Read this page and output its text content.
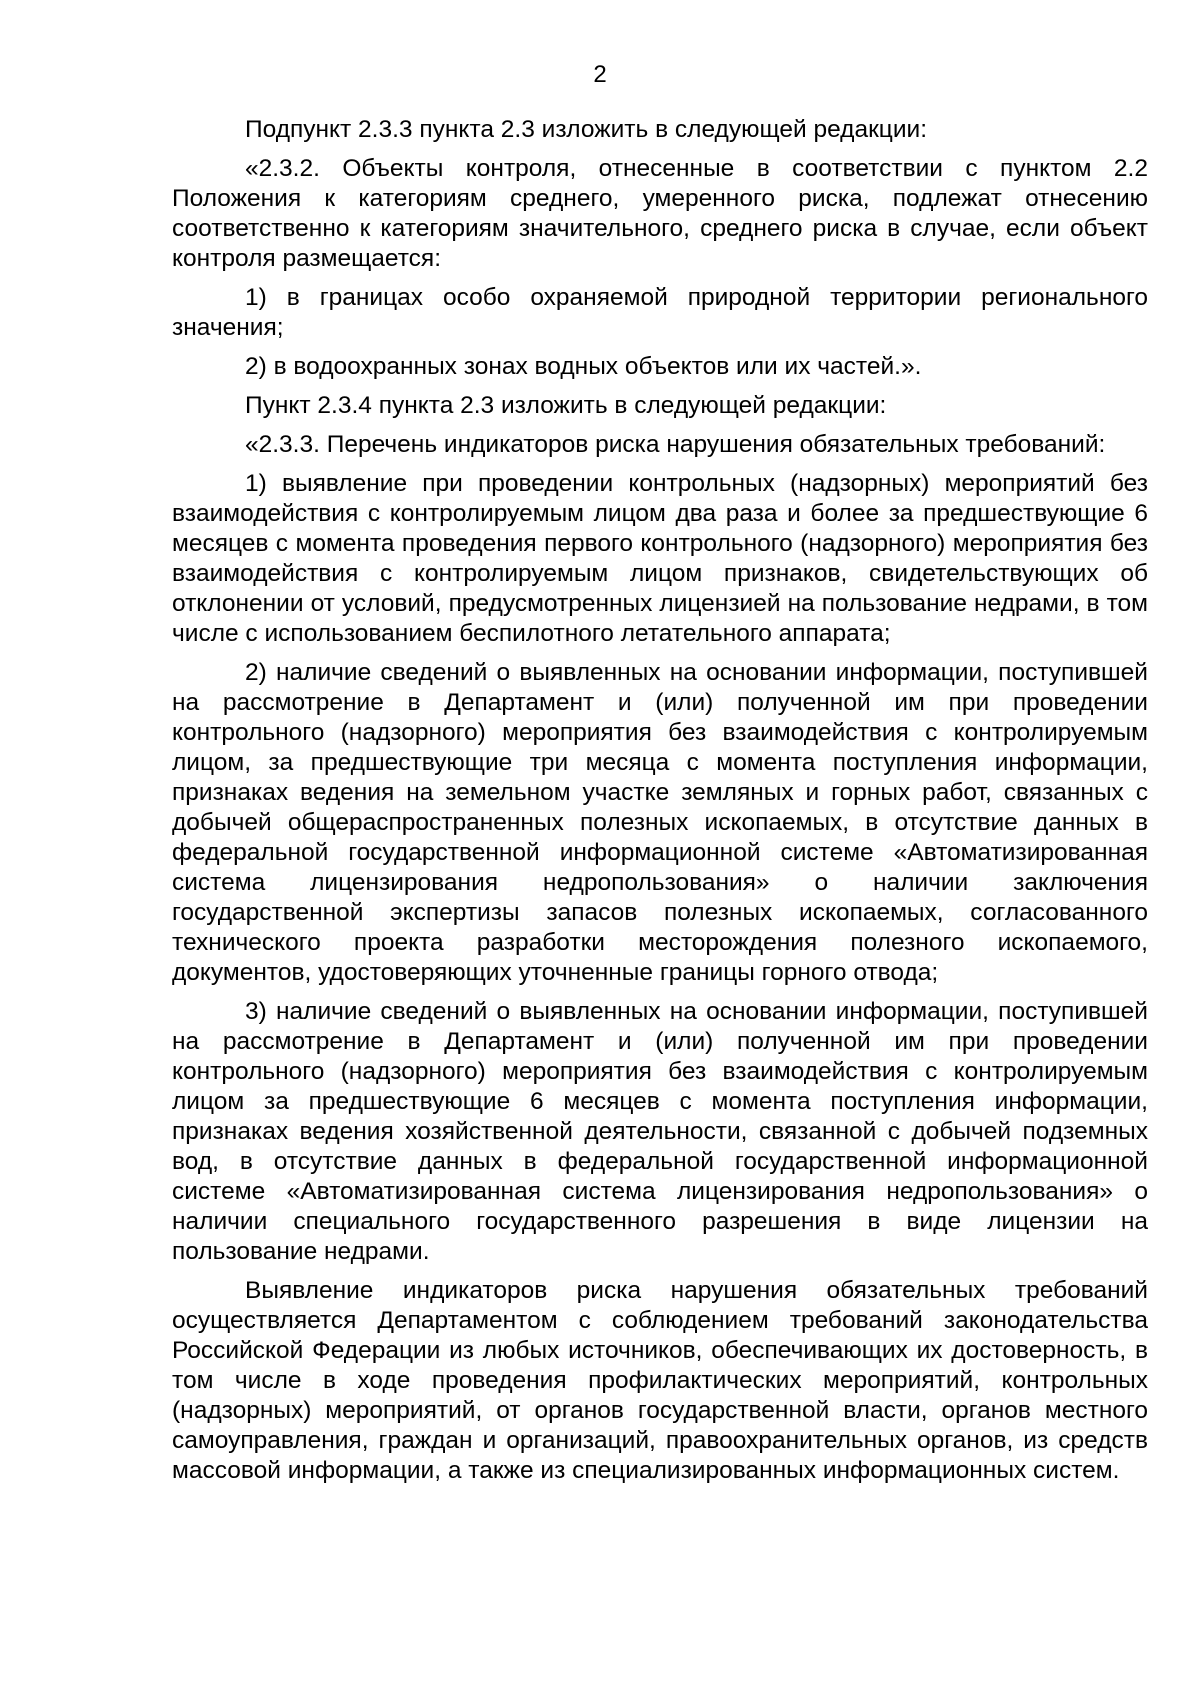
2

Подпункт 2.3.3 пункта 2.3 изложить в следующей редакции:

«2.3.2. Объекты контроля, отнесенные в соответствии с пунктом 2.2 Положения к категориям среднего, умеренного риска, подлежат отнесению соответственно к категориям значительного, среднего риска в случае, если объект контроля размещается:

1) в границах особо охраняемой природной территории регионального значения;

2) в водоохранных зонах водных объектов или их частей.».

Пункт 2.3.4 пункта 2.3 изложить в следующей редакции:

«2.3.3. Перечень индикаторов риска нарушения обязательных требований:

1) выявление при проведении контрольных (надзорных) мероприятий без взаимодействия с контролируемым лицом два раза и более за предшествующие 6 месяцев с момента проведения первого контрольного (надзорного) мероприятия без взаимодействия с контролируемым лицом признаков, свидетельствующих об отклонении от условий, предусмотренных лицензией на пользование недрами, в том числе с использованием беспилотного летательного аппарата;

2) наличие сведений о выявленных на основании информации, поступившей на рассмотрение в Департамент и (или) полученной им при проведении контрольного (надзорного) мероприятия без взаимодействия с контролируемым лицом, за предшествующие три месяца с момента поступления информации, признаках ведения на земельном участке земляных и горных работ, связанных с добычей общераспространенных полезных ископаемых, в отсутствие данных в федеральной государственной информационной системе «Автоматизированная система лицензирования недропользования» о наличии заключения государственной экспертизы запасов полезных ископаемых, согласованного технического проекта разработки месторождения полезного ископаемого, документов, удостоверяющих уточненные границы горного отвода;

3) наличие сведений о выявленных на основании информации, поступившей на рассмотрение в Департамент и (или) полученной им при проведении контрольного (надзорного) мероприятия без взаимодействия с контролируемым лицом за предшествующие 6 месяцев с момента поступления информации, признаках ведения хозяйственной деятельности, связанной с добычей подземных вод, в отсутствие данных в федеральной государственной информационной системе «Автоматизированная система лицензирования недропользования» о наличии специального государственного разрешения в виде лицензии на пользование недрами.

Выявление индикаторов риска нарушения обязательных требований осуществляется Департаментом с соблюдением требований законодательства Российской Федерации из любых источников, обеспечивающих их достоверность, в том числе в ходе проведения профилактических мероприятий, контрольных (надзорных) мероприятий, от органов государственной власти, органов местного самоуправления, граждан и организаций, правоохранительных органов, из средств массовой информации, а также из специализированных информационных систем.
